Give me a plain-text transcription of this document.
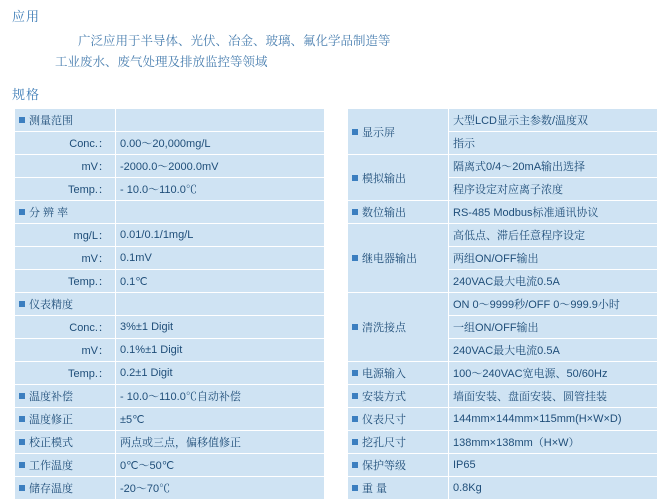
应用
广泛应用于半导体、光伏、冶金、玻璃、氟化学品制造等
工业废水、废气处理及排放监控等领域
规格
测量范围	
Conc.：	0.00～20,000mg/L
mV：	-2000.0～2000.0mV
Temp.：	- 10.0～110.0℃
分 辨 率	
mg/L：	0.01/0.1/1mg/L
mV：	0.1mV
Temp.：	0.1℃
仪表精度	
Conc.：	3%±1 Digit
mV：	0.1%±1 Digit
Temp.：	0.2±1 Digit
温度补偿	- 10.0～110.0℃自动补偿
温度修正	±5℃
校正模式	两点或三点，偏移值修正
工作温度	0℃～50℃
储存温度	-20～70℃
显示屏	大型LCD显示主参数/温度双
	指示
模拟输出	隔离式0/4～20mA输出选择
	程序设定对应离子浓度
数位输出	RS-485 Modbus标准通讯协议
继电器输出	高低点、滞后任意程序设定
	两组ON/OFF输出
	240VAC最大电流0.5A
清洗接点	ON 0～9999秒/OFF 0～999.9小时
	一组ON/OFF输出
	240VAC最大电流0.5A
电源输入	100～240VAC宽电源、50/60Hz
安装方式	墙面安装、盘面安装、圆管挂装
仪表尺寸	144mm×144mm×115mm(H×W×D)
挖孔尺寸	138mm×138mm（H×W）
保护等级	IP65
重 量	0.8Kg
